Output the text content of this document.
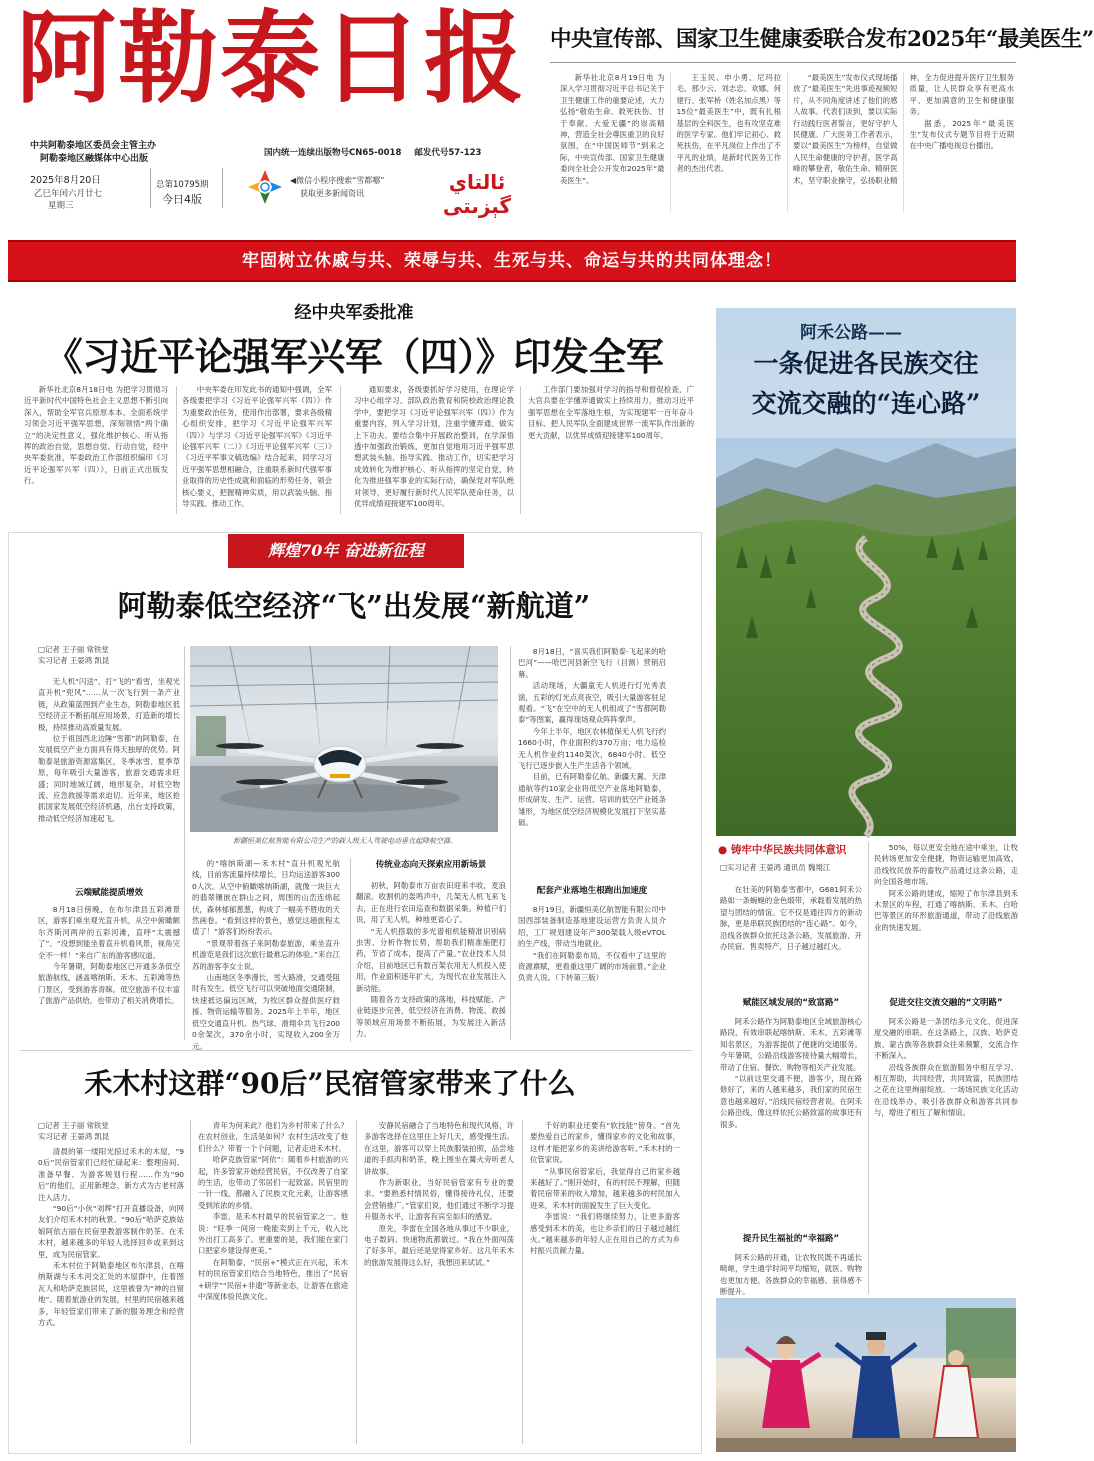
阿勒泰日报
中共阿勒泰地区委员会主管主办
阿勒泰地区融媒体中心出版
国内统一连续出版物号CN65-0018 邮发代号57-123
2025年8月20日
乙巳年闰六月廿七
星期三
总第10795期
今日4版
◀微信小程序搜索“雪都哪”
获取更多新闻资讯	ئالتاي گېزىتى
中央宣传部、国家卫生健康委联合发布2025年“最美医生”

新华社北京8月19日电 为深入学习贯彻习近平总书记关于卫生健康工作的重要论述，大力弘扬“敬佑生命、救死扶伤、甘于奉献、大爱无疆”的崇高精神，营造全社会尊医重卫的良好氛围，在“中国医师节”到来之际，中央宣传部、国家卫生健康委向全社会公开发布2025年“最美医生”。

王玉民、申小勇、尼玛拉毛、那少云、刘志忠、欢娜、何建行、张军桥（姓名加点黑）等15位“最美医生”中，既有扎根基层的全科医生，也有攻坚克难的医学专家。他们牢记初心、救死扶伤，在平凡岗位上作出了不平凡的业绩，是新时代医务工作者的杰出代表。

“最美医生”发布仪式现场播放了“最美医生”先进事迹视频短片，从不同角度讲述了他们的感人故事。代表们谈到，要以实际行动践行医者誓言，更好守护人民健康。广大医务工作者表示，要以“最美医生”为榜样，自觉做人民生命健康的守护者，医学高峰的攀登者，敬佑生命、精研医术，坚守职业操守，弘扬职业精神，全力促进提升医疗卫生服务质量，让人民群众享有更高水平、更加满意的卫生和健康服务。

据悉，2025年“最美医生”发布仪式专题节目将于近期在中央广播电视总台播出。

牢固树立休戚与共、荣辱与共、生死与共、命运与共的共同体理念！
经中央军委批准
《习近平论强军兴军（四）》印发全军

新华社北京8月18日电 为把学习贯彻习近平新时代中国特色社会主义思想不断引向深入，帮助全军官兵原原本本、全面系统学习领会习近平强军思想，深刻领悟“两个确立”的决定性意义，强化维护核心、听从指挥的政治自觉，思想自觉、行动自觉，经中央军委批准，军委政治工作部组织编印《习近平论强军兴军（四）》，日前正式出版发行。

中央军委在印发此书的通知中强调，全军各级要把学习《习近平论强军兴军（四）》作为重要政治任务，使用作出部署，要求各级精心组织安排，把学习《习近平论强军兴军（四）》与学习《习近平论强军兴军》《习近平论强军兴军（二）》《习近平论强军兴军（三）》《习近平军事文稿选编》结合起来，同学习习近平强军思想相融合，注重联系新时代强军事业取得的历史性成就和面临的形势任务，领会核心要义，把握精神实质，用以武装头脑、指导实践、推动工作。

通知要求，各级要抓好学习使用，在理论学习中心组学习、部队政治教育和院校政治理论教学中，要把学习《习近平论强军兴军（四）》作为重要内容，列入学习计划，注重学懂弄通、做实上下功夫。要结合集中开展政治整训，在学深悟透中加强政治锻炼，更加自觉地用习近平强军思想武装头脑、指导实践、推动工作，切实把学习成效转化为维护核心、听从指挥的坚定自觉，转化为推进强军事业的实际行动，确保党对军队绝对领导，更好履行新时代人民军队使命任务，以优异成绩迎接建军100周年。

工作部门要加强对学习的指导和督促检查，广大官兵要在学懂弄通做实上持续用力，推动习近平强军思想在全军落地生根，为实现建军一百年奋斗目标、把人民军队全面建成世界一流军队作出新的更大贡献，以优异成绩迎接建军100周年。

辉煌70年 奋进新征程
阿勒泰低空经济“飞”出发展“新航道”
□记者 王子丽 常铁堂
实习记者 王晏鸿 凯昆

无人机“闪送”、打“飞的”看雪，坐观光直升机“兜风”……从一次飞行到一条产业链，从政策蓝图到产业生态，阿勒泰地区低空经济正不断拓展应用场景，打造新的增长极，持续推动高质量发展。

位于祖国西北边陲“雪都”的阿勒泰，在发展低空产业方面具有得天独厚的优势。阿勒泰是旅游资源富集区，冬季冰雪、夏季草原，每年吸引大量游客，旅游交通需求旺盛；同时地域辽阔，地形复杂，对低空物流、应急救援等需求迫切。近年来，地区抢抓国家发展低空经济机遇，出台支持政策，推动低空经济加速起飞。

云端赋能提质增效

8月18日傍晚，在布尔津县五彩滩景区，游客们乘坐观光直升机，从空中俯瞰额尔齐斯河两岸的五彩河滩，直呼“太震撼了”。“没想到能坐着直升机看风景，视角完全不一样！”来自广东的游客感叹道。

今年暑期，阿勒泰地区已开通多条低空旅游航线，涵盖喀纳斯、禾木、五彩滩等热门景区，受到游客青睐。低空旅游不仅丰富了旅游产品供给，也带动了相关消费增长。

新疆恒美亿航智能有限公司生产的载人级无人驾驶电动垂直起降航空器。

的“喀纳斯湖—禾木村”直升机观光航线，目前客流量持续增长，日均运送游客3000人次。从空中俯瞰喀纳斯湖，就像一块巨大的翡翠镶嵌在群山之间，周围的山峦连绵起伏，森林郁郁葱葱，构成了一幅美不胜收的天然画卷。“看到这样的景色，感觉这趟旅程太值了！”游客们纷纷表示。

“景观带着孩子来阿勒泰旅游，乘坐直升机游览是我们这次旅行最难忘的体验。”来自江苏的游客李女士说。

山南地区冬季漫长，雪大路滑，交通受阻时有发生。低空飞行可以突破地面交通限制，快速抵达偏远区域，为牧区群众提供医疗救援、物资运输等服务。2025年上半年，地区低空交通直升机、热气球、滑翔伞共飞行2000余架次，370余小时，实现收入200余万元。

传统业态向天探索应用新场景

初秋，阿勒泰市万亩农田迎来丰收，麦浪翻滚。收割机的轰鸣声中，几架无人机飞来飞去，正在进行农田巡查和数据采集。种植户们说，用了无人机，种地更省心了。

“无人机搭载的多光谱相机能精准识别病虫害、分析作物长势，帮助我们精准施肥打药，节省了成本，提高了产量。”农业技术人员介绍，目前地区已有数百架农用无人机投入使用，作业面积逐年扩大，为现代农业发展注入新动能。

随着各方支持政策的落地，科技赋能、产业链逐步完善，低空经济在消费、物流、救援等领域应用场景不断拓展，为发展注入新活力。

8月18日，“喜买我们阿勒泰·飞起来的哈巴河”——哈巴河县新空飞行（目测）营销启幕。

活动现场，大疆童无人机进行灯光秀表演，五彩的灯光点亮夜空，吸引大量游客驻足观看。“飞”在空中的无人机组成了“雪都阿勒泰”等图案，赢得现场观众阵阵掌声。

今年上半年，地区农林植保无人机飞行约1660小时，作业面积约370万亩；电力巡检无人机作业约1140架次，6840小时。低空飞行已逐步嵌入生产生活各个领域。

目前，已有阿勒泰亿航、新疆天翼、天津通航等约10家企业将低空产业落地阿勒泰，形成研发、生产、运营、培训的低空产业链条雏形，为地区低空经济规模化发展打下坚实基础。

配套产业落地生根跑出加速度

8月19日，新疆恒美亿航智能有限公司中国西部装备制造基地建设运营方负责人员介绍，工厂规划建设年产300架载人级eVTOL的生产线，带动当地就业。

“我们在阿勒泰布局，不仅看中了这里的资源禀赋，更看重这里广阔的市场前景。”企业负责人说。（下转第三版）

禾木村这群“90后”民宿管家带来了什么
□记者 王子丽 常铁堂
实习记者 王晏鸿 凯昆

清晨的第一缕阳光掠过禾木的木屋，“90后”民宿管家们已经忙碌起来：整理房间、准备早餐、为游客规划行程……作为“90后”的他们，正用新理念、新方式为古老村落注入活力。

“90后”小伙“刘辉”打开直播设备，向网友们介绍禾木村的秋景。“90后”哈萨克族姑娘阿依古丽在民宿里教游客制作奶茶。在禾木村，越来越多的年轻人选择回乡或来到这里，成为民宿管家。

禾木村位于阿勒泰地区布尔津县，在喀纳斯湖与禾木河交汇处的木屋群中，住着图瓦人和哈萨克族居民，这里被誉为“神的自留地”。随着旅游业的发展，村里的民宿越来越多，年轻管家们带来了新的服务理念和经营方式。

青年为何来此？他们为乡村带来了什么？在农村创业，生活是如何？农村生活改变了他们什么？带着一个个问题，记者走进禾木村。

哈萨克族管家“阿依”：随着乡村旅游的兴起，许多管家开始经营民宿，不仅改善了自家的生活，也带动了邻居们一起致富。民宿里的一针一线，都融入了民族文化元素，让游客感受到浓浓的乡情。

李雷，是禾木村最早的民宿管家之一。他说：“旺季一间房一晚能卖到上千元，收入比外出打工高多了。更重要的是，我们能在家门口把家乡建设得更美。”

在阿勒泰，“民宿+”模式正在兴起，禾木村的民宿管家们结合当地特色，推出了“民宿+研学”“民宿+非遗”等新业态，让游客在旅途中深度体验民族文化。

安静民宿融合了当地特色和现代风格，许多游客选择在这里住上好几天，感受慢生活。在这里，游客可以穿上民族服装拍照，品尝地道的手抓肉和奶茶，晚上围坐在篝火旁听老人讲故事。

作为新职业，当好民宿管家有专业的要求。“要熟悉村情民俗，懂得接待礼仪，还要会营销推广。”管家们说，他们通过不断学习提升服务水平，让游客有宾至如归的感觉。

原先，李雷在全国各地从事过不少职业，电子数码、快递物流都做过。“我在外面闯荡了好多年，最后还是觉得家乡好。这几年禾木的旅游发展得这么好，我想回来试试。”

千好的职业还要有“软技能”傍身。“首先要热爱自己的家乡，懂得家乡的文化和故事，这样才能把家乡的美讲给游客听。”禾木村的一位管家说。

“从事民宿管家后，我觉得自己的家乡越来越好了。”刚开始时，有的村民不理解，但随着民宿带来的收入增加，越来越多的村民加入进来，禾木村的面貌发生了巨大变化。

李雷说：“我们将继续努力，让更多游客感受到禾木的美，也让乡亲们的日子越过越红火。”越来越多的年轻人正在用自己的方式为乡村振兴贡献力量。

阿禾公路——
一条促进各民族交往
交流交融的“连心路”
● 铸牢中华民族共同体意识
□实习记者 王晏鸿 通讯员 魏翔江

在壮美的阿勒泰雪都中，G681阿禾公路如一条蜿蜒的金色缎带，承载着发展的热望与团结的情谊。它不仅是通往四方的新动脉，更是串联民族团结的“连心路”。如今，沿线各族群众依托这条公路，发展旅游、开办民宿、售卖特产，日子越过越红火。

50%，每以更安全地在途中乘坐，让牧民转场更加安全便捷，物资运输更加高效。沿线牧民放养的畜牧产品通过这条公路，走向全国各地市场。

阿禾公路的建成，缩短了布尔津县到禾木景区的车程，打通了喀纳斯、禾木、白哈巴等景区的环形旅游通道，带动了沿线旅游业的快速发展。

赋能区域发展的“致富路”

阿禾公路作为阿勒泰地区全域旅游核心路段，有效串联起喀纳斯、禾木、五彩滩等知名景区，为游客提供了便捷的交通服务。今年暑期，公路沿线游客接待量大幅增长，带动了住宿、餐饮、购物等相关产业发展。

“以前这里交通不便，游客少，现在路修好了，来的人越来越多，我们家的民宿生意也越来越好。”沿线民宿经营者说。在阿禾公路沿线，像这样依托公路致富的故事还有很多。

促进交往交流交融的“文明路”

阿禾公路是一条团结多元文化、促进深度交融的串联。在这条路上，汉族、哈萨克族、蒙古族等各族群众往来频繁，交流合作不断深入。

沿线各族群众在旅游服务中相互学习、相互帮助，共同经营，共同致富，民族团结之花在这里绚丽绽放。一场场民族文化活动在沿线举办，吸引各族群众和游客共同参与，增进了相互了解和情谊。

提升民生福祉的“幸福路”

阿禾公路的开通，让农牧民既不再遥长畸岖，学生通学时间平均缩短，就医、购物也更加方便。各族群众的幸福感、获得感不断提升。
